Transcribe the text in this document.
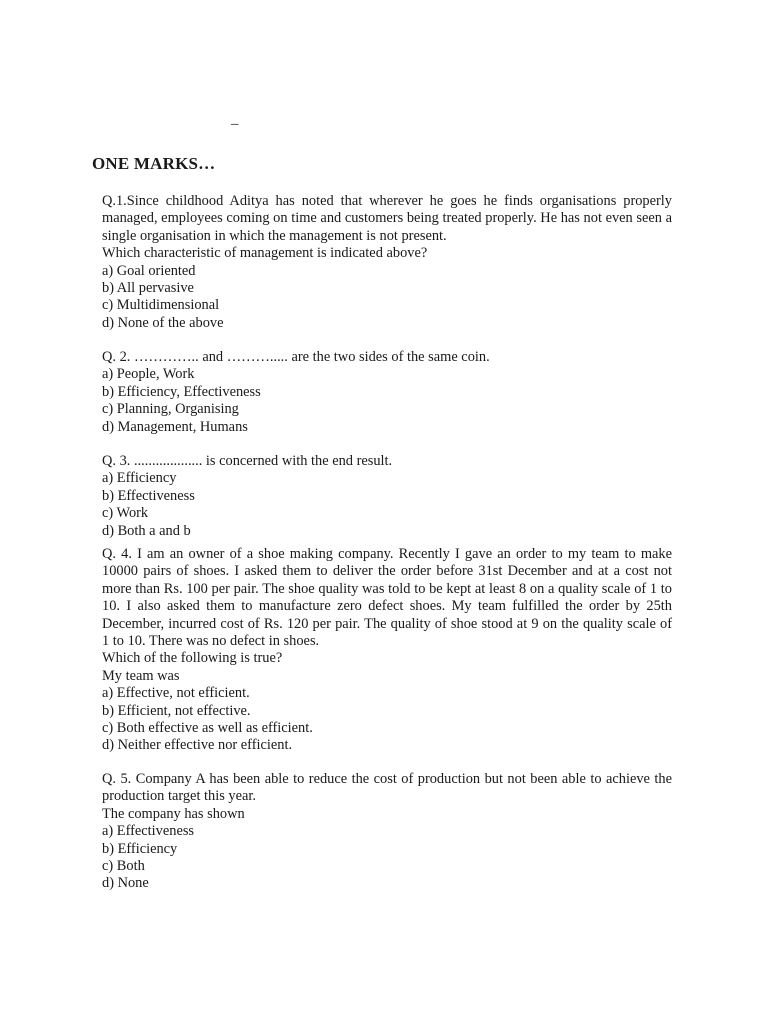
–
ONE MARKS…

Q.1.Since childhood Aditya has noted that wherever he goes he finds organisations properly managed, employees coming on time and customers being treated properly. He has not even seen a single organisation in which the management is not present.

Which characteristic of management is indicated above?

a) Goal oriented

b) All pervasive

c) Multidimensional

d) None of the above

Q. 2. ………….. and ………..... are the two sides of the same coin.

a) People, Work

b) Efficiency, Effectiveness

c) Planning, Organising

d) Management, Humans

Q. 3. ................... is concerned with the end result.

a) Efficiency

b) Effectiveness

c) Work

d) Both a and b

Q. 4. I am an owner of a shoe making company. Recently I gave an order to my team to make 10000 pairs of shoes. I asked them to deliver the order before 31st December and at a cost not more than Rs. 100 per pair. The shoe quality was told to be kept at least 8 on a quality scale of 1 to 10. I also asked them to manufacture zero defect shoes. My team fulfilled the order by 25th December, incurred cost of Rs. 120 per pair. The quality of shoe stood at 9 on the quality scale of 1 to 10. There was no defect in shoes.

Which of the following is true?

My team was

a) Effective, not efficient.

b) Efficient, not effective.

c) Both effective as well as efficient.

d) Neither effective nor efficient.

Q. 5. Company A has been able to reduce the cost of production but not been able to achieve the production target this year.

The company has shown

a) Effectiveness

b) Efficiency

c) Both

d) None
